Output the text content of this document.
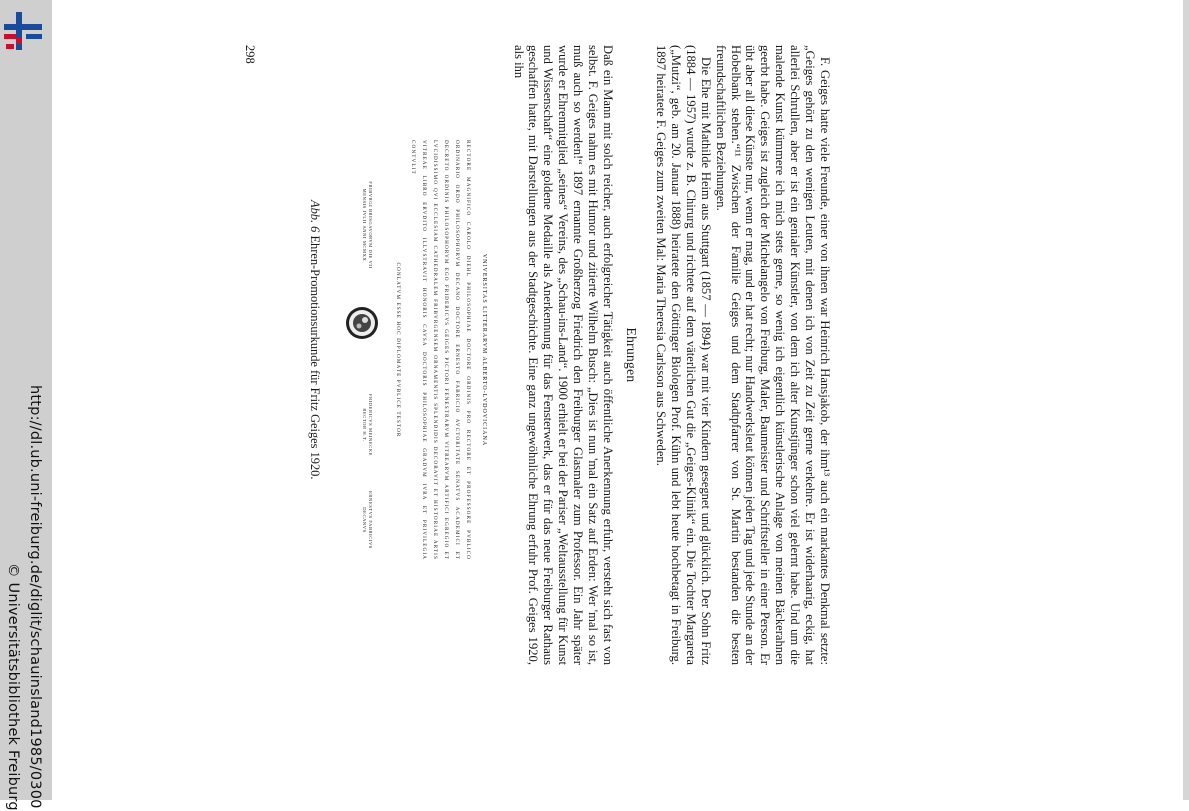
http://dl.ub.uni-freiburg.de/diglit/schauinsland1985/0300
© Universitätsbibliothek Freiburg

F. Geiges hatte viele Freunde, einer von ihnen war Heinrich Hansjakob, der ihm¹³ auch ein markantes Denkmal setzte: „Geiges gehört zu den wenigen Leuten, mit denen ich von Zeit zu Zeit gerne verkehre. Er ist widerhaarig, eckig, hat allerlei Schrullen, aber er ist ein genialer Künstler, von dem ich alter Kunstjünger schon viel gelernt habe. Und um die malende Kunst kümmere ich mich stets gerne, so wenig ich eigentlich künstlerische Anlage von meinen Bäckerahnen geerbt habe. Geiges ist zugleich der Michelangelo von Freiburg, Maler, Baumeister und Schriftsteller in einer Person. Er übt aber all diese Künste nur, wenn er mag, und er hat recht; nur Handwerksleut können jeden Tag und jede Stunde an der Hobelbank stehen.“¹¹ Zwischen der Familie Geiges und dem Stadtpfarrer von St. Martin bestanden die besten freundschaftlichen Beziehungen.

Die Ehe mit Mathilde Heim aus Stuttgart (1857 — 1894) war mit vier Kindern gesegnet und glücklich. Der Sohn Fritz (1884 — 1957) wurde z. B. Chirurg und richtete auf dem väterlichen Gut die „Geiges-Klinik“ ein. Die Tochter Margareta („Mutzi“, geb. am 20. Januar 1888) heiratete den Göttinger Biologen Prof. Kühn und lebt heute hochbetagt in Freiburg. 1897 heiratete F. Geiges zum zweiten Mal: Maria Theresia Carlsson aus Schweden.

Ehrungen

Daß ein Mann mit solch reicher, auch erfolgreicher Tätigkeit auch öffentliche Anerkennung erfuhr, versteht sich fast von selbst. F. Geiges nahm es mit Humor und zitierte Wilhelm Busch: „Dies ist nun 'mal ein Satz auf Erden: Wer 'mal so ist, muß auch so werden!“ 1897 ernannte Großherzog Friedrich den Freiburger Glasmaler zum Professor. Ein Jahr später wurde er Ehrenmitglied „seines“ Vereins, des „Schau-ins-Land“. 1900 erhielt er bei der Pariser „Weltausstellung für Kunst und Wissenschaft“ eine goldene Medaille als Anerkennung für das Fensterwerk, das er für das neue Freiburger Rathaus geschaffen hatte, mit Darstellungen aus der Stadtgeschichte. Eine ganz ungewöhnliche Ehrung erfuhr Prof. Geiges 1920, als ihn

VNIVERSITAS LITTERARVM ALBERTO-LVDOVICIANA

RECTORE MAGNIFICO CAROLO DIEHL PHILOSOPHIAE DOCTORE ORDINIS PRO RECTORE ET PROFESSORE PVBLICO ORDINARIO ORDO PHILOSOPHORVM DECANO DOCTORE ERNESTO FABRICIO AVCTORITATE SENATVS ACADEMICI ET DECRETO ORDINIS PHILOSOPHORVM EGO FRIDERICVS GEIGES PICTORI FENESTRARVM VITREARVM ARTIFICI EGREGIO ET LVCIDISSIMO QVI ECCLESIAM CATHEDRALEM FRIBVRGENSEM ORNAMENTIS SPLENDIDIS DECORAVIT ET HISTORIAE ARTIS VITREAE LIBRO ERVDITO ILLVSTRAVIT HONORIS CAVSA DOCTORIS PHILOSOPHIAE GRADVM IVRA ET PRIVILEGIA CONTVLIT

CONLATVM ESSE HOC DIPLOMATE PVBLICE TESTOR

FRIBVRGI BRISGAVORVM DIE VII MENSIS IVLII ANNI MCMXX
FRIDERICVS MEINECKE RECTOR H.T.
ERNESTVS FABRICIVS DECANVS
Abb. 6 Ehren-Promotionsurkunde für Fritz Geiges 1920.
298
